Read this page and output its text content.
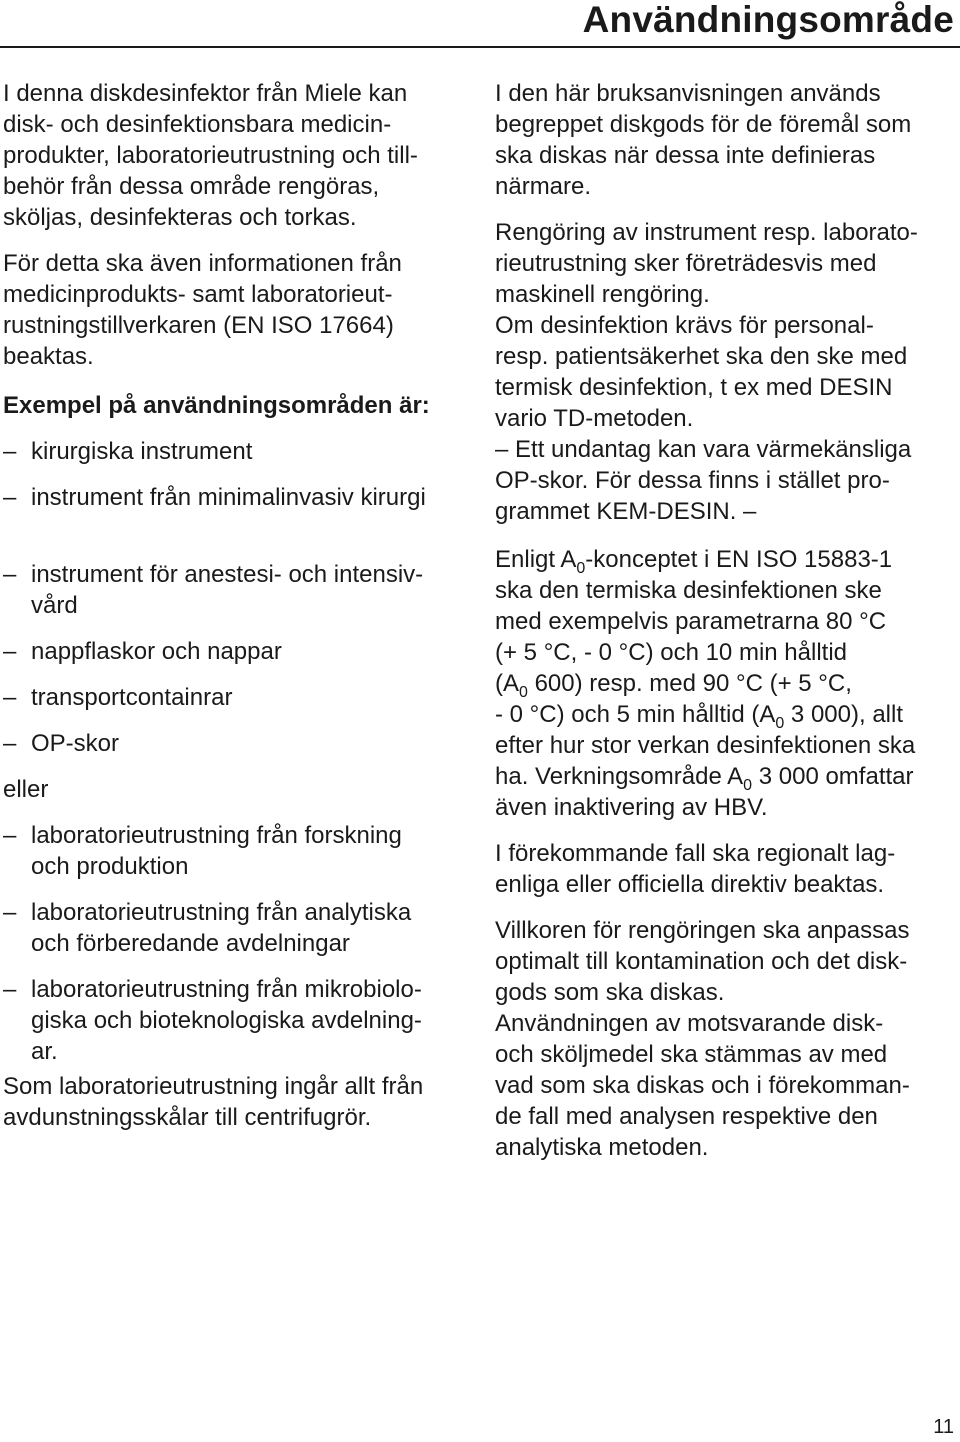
Användningsområde

I denna diskdesinfektor från Miele kan

disk- och desinfektionsbara medicin-

produkter, laboratorieutrustning och till-

behör från dessa område rengöras,

sköljas, desinfekteras och torkas.

För detta ska även informationen från

medicinprodukts- samt laboratorieut-

rustningstillverkaren (EN ISO 17664)

beaktas.

Exempel på användningsområden är:

– kirurgiska instrument

– instrument från minimalinvasiv kirurgi

– instrument för anestesi- och intensiv-

vård

– nappflaskor och nappar

– transportcontainrar

– OP-skor

eller

– laboratorieutrustning från forskning

och produktion

– laboratorieutrustning från analytiska

och förberedande avdelningar

– laboratorieutrustning från mikrobiolo-

giska och bioteknologiska avdelning-

ar.

Som laboratorieutrustning ingår allt från

avdunstningsskålar till centrifugrör.

I den här bruksanvisningen används

begreppet diskgods för de föremål som

ska diskas när dessa inte definieras

närmare.

Rengöring av instrument resp. laborato-

rieutrustning sker företrädesvis med

maskinell rengöring.

Om desinfektion krävs för personal-

resp. patientsäkerhet ska den ske med

termisk desinfektion, t ex med DESIN

vario TD-metoden.

– Ett undantag kan vara värmekänsliga

OP-skor. För dessa finns i stället pro-

grammet KEM-DESIN. –

Enligt $A_0$-konceptet i EN ISO 15883-1

ska den termiska desinfektionen ske

med exempelvis parametrarna 80 °C

(+ 5 °C, - 0 °C) och 10 min hålltid

($A_0$ 600) resp. med 90 °C (+ 5 °C,

- 0 °C) och 5 min hålltid ($A_0$ 3 000), allt

efter hur stor verkan desinfektionen ska

ha. Verkningsområde $A_0$ 3 000 omfattar

även inaktivering av HBV.

I förekommande fall ska regionalt lag-

enliga eller officiella direktiv beaktas.

Villkoren för rengöringen ska anpassas

optimalt till kontamination och det disk-

gods som ska diskas.

Användningen av motsvarande disk-

och sköljmedel ska stämmas av med

vad som ska diskas och i förekomman-

de fall med analysen respektive den

analytiska metoden.

11
